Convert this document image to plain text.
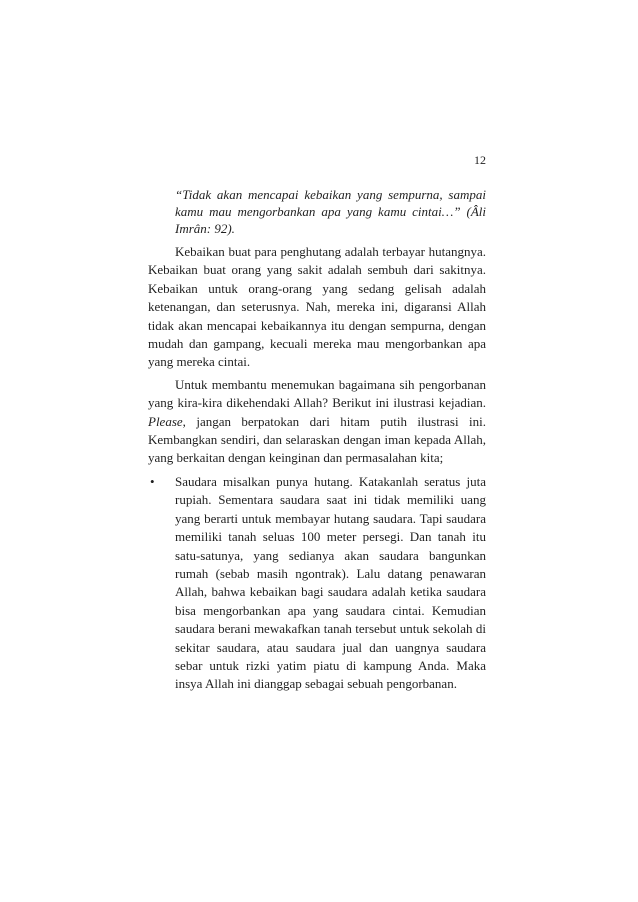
12

“Tidak akan mencapai kebaikan yang sempurna, sampai kamu mau mengorbankan apa yang kamu cintai…” (Âli Imrân: 92).

Kebaikan buat para penghutang adalah terbayar hutangnya. Kebaikan buat orang yang sakit adalah sembuh dari sakitnya. Kebaikan untuk orang-orang yang sedang gelisah adalah ketenangan, dan seterusnya. Nah, mereka ini, digaransi Allah tidak akan mencapai kebaikannya itu dengan sempurna, dengan mudah dan gampang, kecuali mereka mau mengorbankan apa yang mereka cintai.

Untuk membantu menemukan bagaimana sih pengorbanan yang kira-kira dikehendaki Allah? Berikut ini ilustrasi kejadian. Please, jangan berpatokan dari hitam putih ilustrasi ini. Kembangkan sendiri, dan selaraskan dengan iman kepada Allah, yang berkaitan dengan keinginan dan permasalahan kita;

• Saudara misalkan punya hutang. Katakanlah seratus juta rupiah. Sementara saudara saat ini tidak memiliki uang yang berarti untuk membayar hutang saudara. Tapi saudara memiliki tanah seluas 100 meter persegi. Dan tanah itu satu-satunya, yang sedianya akan saudara bangunkan rumah (sebab masih ngontrak). Lalu datang penawaran Allah, bahwa kebaikan bagi saudara adalah ketika saudara bisa mengorbankan apa yang saudara cintai. Kemudian saudara berani mewakafkan tanah tersebut untuk sekolah di sekitar saudara, atau saudara jual dan uangnya saudara sebar untuk rizki yatim piatu di kampung Anda. Maka insya Allah ini dianggap sebagai sebuah pengorbanan.
